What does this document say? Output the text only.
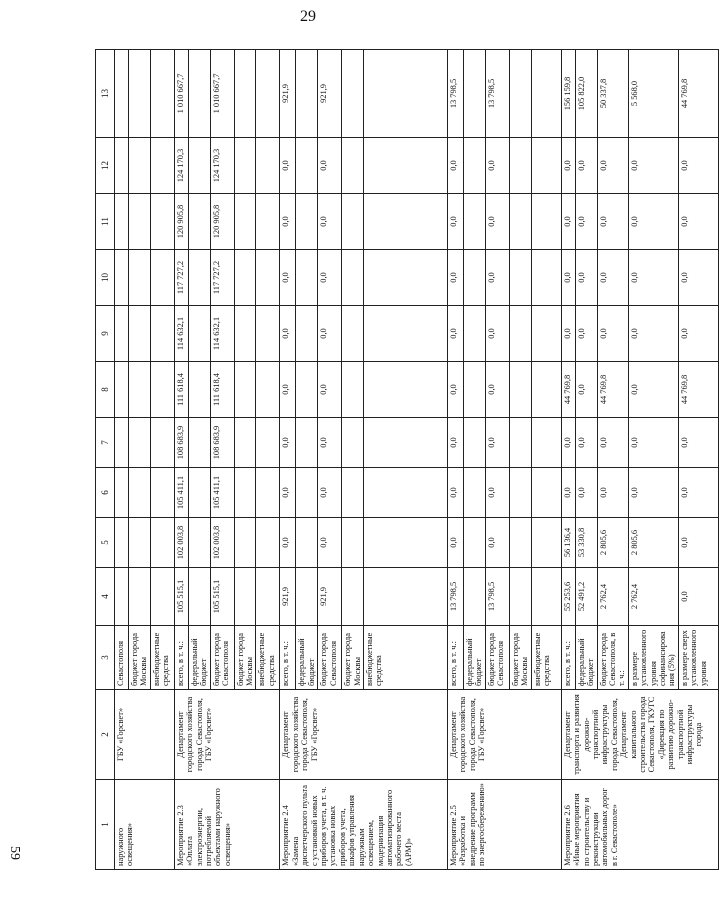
29
59
1	2	3	4	5	6	7	8	9	10	11	12	13
наружного освещения»	ГБУ «Горсвет»	Севастополя										
		бюджет города Москвы										
		внебюджетные средства										
Мероприятие 2.3 «Оплата электроэнергии, потребляемой объектами наружного освещения»	Департамент городского хозяйства города Севастополя, ГБУ «Горсвет»	всего, в т. ч.:	105 515,1	102 003,8	105 411,1	108 683,9	111 618,4	114 632,1	117 727,2	120 905,8	124 170,3	1 010 667,7
		федеральный бюджет										
		бюджет города Севастополя	105 515,1	102 003,8	105 411,1	108 683,9	111 618,4	114 632,1	117 727,2	120 905,8	124 170,3	1 010 667,7
		бюджет города Москвы										
		внебюджетные средства										
Мероприятие 2.4 «Замена диспетчерского пульта с установкой новых приборов учета, в т. ч. установка новых приборов учета, шкафов управления наружным освещением, модернизация автоматизированного рабочего места (АРМ)»	Департамент городского хозяйства города Севастополя, ГБУ «Горсвет»	всего, в т. ч.:	921,9	0,0	0,0	0,0	0,0	0,0	0,0	0,0	0,0	921,9
		федеральный бюджет										
		бюджет города Севастополя	921,9	0,0	0,0	0,0	0,0	0,0	0,0	0,0	0,0	921,9
		бюджет города Москвы										
		внебюджетные средства										
Мероприятие 2.5 «Разработка и внедрение программ по энергосбережению»	Департамент городского хозяйства города Севастополя, ГБУ «Горсвет»	всего, в т. ч.:	13 798,5	0,0	0,0	0,0	0,0	0,0	0,0	0,0	0,0	13 798,5
		федеральный бюджет										
		бюджет города Севастополя	13 798,5	0,0	0,0	0,0	0,0	0,0	0,0	0,0	0,0	13 798,5
		бюджет города Москвы										
		внебюджетные средства										
Мероприятие 2.6 «Иные мероприятия по строительству и реконструкции автомобильных дорог в г. Севастополе»	Департамент транспорта и развития дорожно-транспортной инфраструктуры города Севастополя, Департамент капитального строительства города Севастополя, ГКУГС «Дирекция по развитию дорожно-транспортной инфраструктуры города	всего, в т. ч.:	55 253,6	56 136,4	0,0	0,0	44 769,8	0,0	0,0	0,0	0,0	156 159,8
		федеральный бюджет	52 491,2	53 330,8	0,0	0,0	0,0	0,0	0,0	0,0	0,0	105 822,0
		бюджет города Севастополя, в т. ч.:	2 762,4	2 805,6	0,0	0,0	44 769,8	0,0	0,0	0,0	0,0	50 337,8
		в размере установленного уровня софинансирования (5%)	2 762,4	2 805,6	0,0	0,0	0,0	0,0	0,0	0,0	0,0	5 568,0
		в размере сверх установленного уровня	0,0	0,0	0,0	0,0	44 769,8	0,0	0,0	0,0	0,0	44 769,8
